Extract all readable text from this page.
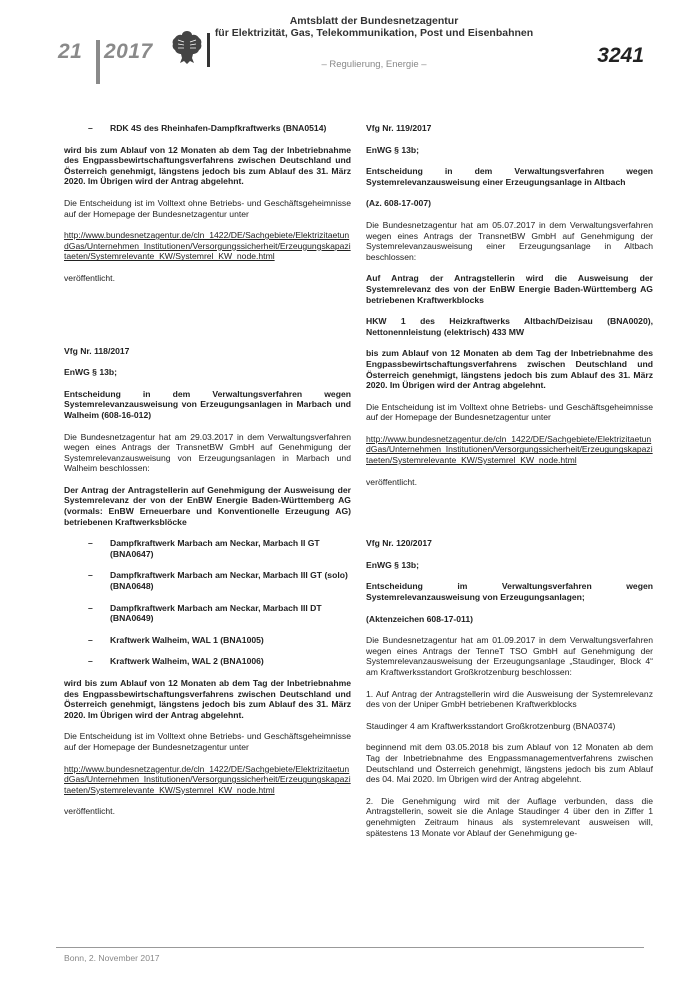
21 2017
Amtsblatt der Bundesnetzagentur
für Elektrizität, Gas, Telekommunikation, Post und Eisenbahnen
– Regulierung, Energie –	3241
–	RDK 4S des Rheinhafen-Dampfkraftwerks (BNA0514)

wird bis zum Ablauf von 12 Monaten ab dem Tag der Inbetriebnahme des Engpassbewirtschaftungsverfahrens zwischen Deutschland und Österreich genehmigt, längstens jedoch bis zum Ablauf des 31. März 2020. Im Übrigen wird der Antrag abgelehnt.

Die Entscheidung ist im Volltext ohne Betriebs- und Geschäftsgeheimnisse auf der Homepage der Bundesnetzagentur unter

http://www.bundesnetzagentur.de/cln_1422/DE/Sachgebiete/ElektrizitaetundGas/Unternehmen_Institutionen/Versorgungssicherheit/Erzeugungskapazitaeten/Systemrelevante_KW/Systemrel_KW_node.html

veröffentlicht.

Vfg Nr. 118/2017

EnWG § 13b;

Entscheidung in dem Verwaltungsverfahren wegen Systemrelevanzausweisung von Erzeugungsanlagen in Marbach und Walheim (608-16-012)

Die Bundesnetzagentur hat am 29.03.2017 in dem Verwaltungsverfahren wegen eines Antrags der TransnetBW GmbH auf Genehmigung der Systemrelevanzausweisung von Erzeugungsanlagen in Marbach und Walheim beschlossen:

Der Antrag der Antragstellerin auf Genehmigung der Ausweisung der Systemrelevanz der von der EnBW Energie Baden-Württemberg AG (vormals: EnBW Erneuerbare und Konventionelle Erzeugung AG) betriebenen Kraftwerksblöcke

–	Dampfkraftwerk Marbach am Neckar, Marbach II GT (BNA0647)
–	Dampfkraftwerk Marbach am Neckar, Marbach III GT (solo) (BNA0648)
–	Dampfkraftwerk Marbach am Neckar, Marbach III DT (BNA0649)
–	Kraftwerk Walheim, WAL 1 (BNA1005)
–	Kraftwerk Walheim, WAL 2 (BNA1006)

wird bis zum Ablauf von 12 Monaten ab dem Tag der Inbetriebnahme des Engpassbewirtschaftungsverfahrens zwischen Deutschland und Österreich genehmigt, längstens jedoch bis zum Ablauf des 31. März 2020. Im Übrigen wird der Antrag abgelehnt.

Die Entscheidung ist im Volltext ohne Betriebs- und Geschäftsgeheimnisse auf der Homepage der Bundesnetzagentur unter

http://www.bundesnetzagentur.de/cln_1422/DE/Sachgebiete/ElektrizitaetundGas/Unternehmen_Institutionen/Versorgungssicherheit/Erzeugungskapazitaeten/Systemrelevante_KW/Systemrel_KW_node.html

veröffentlicht.

Vfg Nr. 119/2017

EnWG § 13b;

Entscheidung in dem Verwaltungsverfahren wegen Systemrelevanzausweisung einer Erzeugungsanlage in Altbach

(Az. 608-17-007)

Die Bundesnetzagentur hat am 05.07.2017 in dem Verwaltungsverfahren wegen eines Antrags der TransnetBW GmbH auf Genehmigung der Systemrelevanzausweisung einer Erzeugungsanlage in Altbach beschlossen:

Auf Antrag der Antragstellerin wird die Ausweisung der Systemrelevanz des von der EnBW Energie Baden-Württemberg AG betriebenen Kraftwerkblocks

HKW 1 des Heizkraftwerks Altbach/Deizisau (BNA0020), Nettonennleistung (elektrisch) 433 MW

bis zum Ablauf von 12 Monaten ab dem Tag der Inbetriebnahme des Engpassbewirtschaftungsverfahrens zwischen Deutschland und Österreich genehmigt, längstens jedoch bis zum Ablauf des 31. März 2020. Im Übrigen wird der Antrag abgelehnt.

Die Entscheidung ist im Volltext ohne Betriebs- und Geschäftsgeheimnisse auf der Homepage der Bundesnetzagentur unter

http://www.bundesnetzagentur.de/cln_1422/DE/Sachgebiete/ElektrizitaetundGas/Unternehmen_Institutionen/Versorgungssicherheit/Erzeugungskapazitaeten/Systemrelevante_KW/Systemrel_KW_node.html

veröffentlicht.

Vfg Nr. 120/2017

EnWG § 13b;

Entscheidung im Verwaltungsverfahren wegen Systemrelevanzausweisung von Erzeugungsanlagen;

(Aktenzeichen 608-17-011)

Die Bundesnetzagentur hat am 01.09.2017 in dem Verwaltungsverfahren wegen eines Antrags der TenneT TSO GmbH auf Genehmigung der Systemrelevanzausweisung der Erzeugungsanlage „Staudinger, Block 4“ am Kraftwerksstandort Großkrotzenburg beschlossen:

1. Auf Antrag der Antragstellerin wird die Ausweisung der Systemrelevanz des von der Uniper GmbH betriebenen Kraftwerkblocks

Staudinger 4 am Kraftwerksstandort Großkrotzenburg (BNA0374)

beginnend mit dem 03.05.2018 bis zum Ablauf von 12 Monaten ab dem Tag der Inbetriebnahme des Engpassmanagementverfahrens zwischen Deutschland und Österreich genehmigt, längstens jedoch bis zum Ablauf des 04. Mai 2020. Im Übrigen wird der Antrag abgelehnt.

2. Die Genehmigung wird mit der Auflage verbunden, dass die Antragstellerin, soweit sie die Anlage Staudinger 4 über den in Ziffer 1 genehmigten Zeitraum hinaus als systemrelevant ausweisen will, spätestens 13 Monate vor Ablauf der Genehmigung ge-

Bonn, 2. November 2017
